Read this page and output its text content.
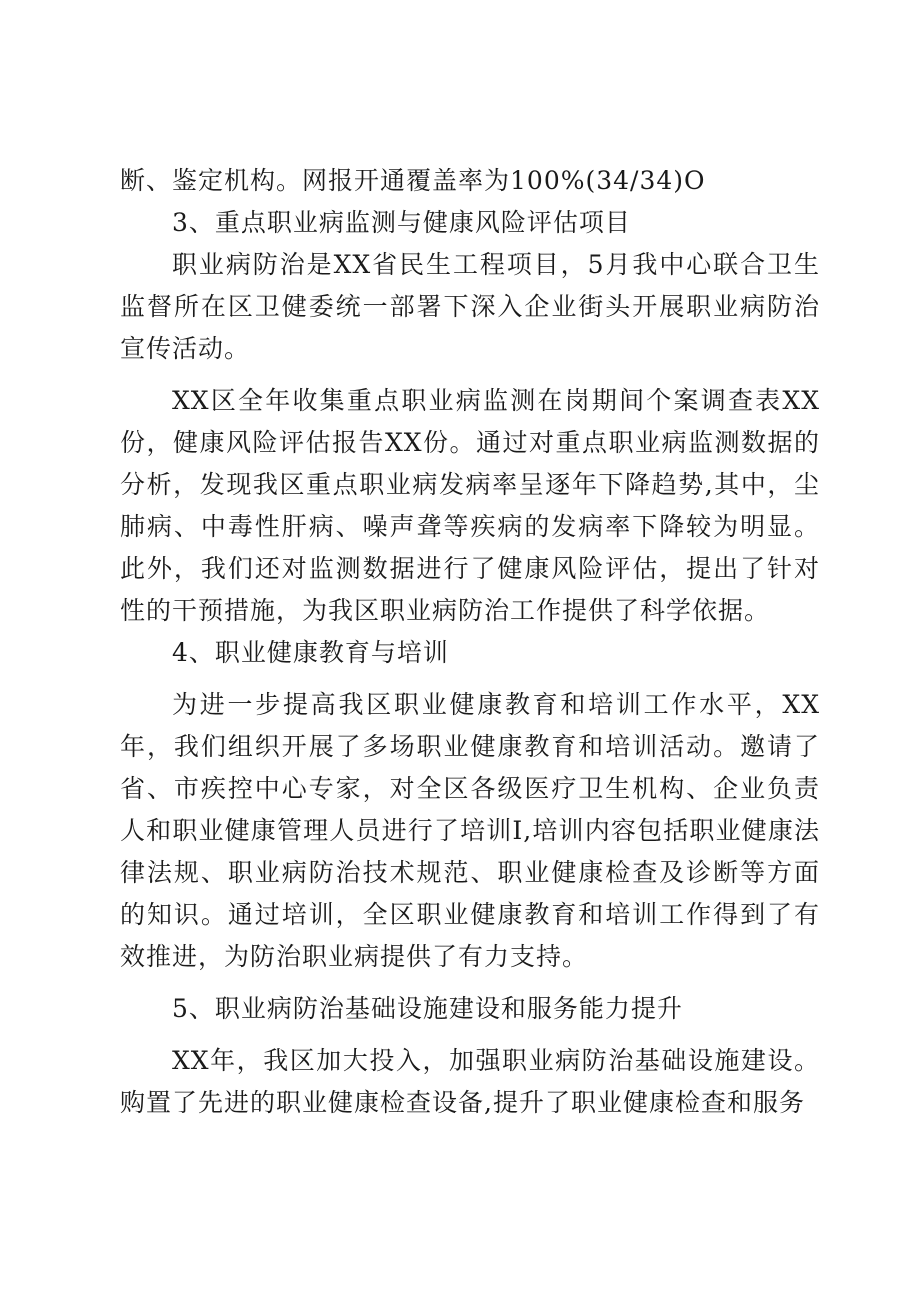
断、鉴定机构。网报开通覆盖率为100%(34/34)O

3、重点职业病监测与健康风险评估项目

职业病防治是XX省民生工程项目，5月我中心联合卫生监督所在区卫健委统一部署下深入企业街头开展职业病防治宣传活动。

XX区全年收集重点职业病监测在岗期间个案调查表XX份，健康风险评估报告XX份。通过对重点职业病监测数据的分析，发现我区重点职业病发病率呈逐年下降趋势,其中，尘肺病、中毒性肝病、噪声聋等疾病的发病率下降较为明显。此外，我们还对监测数据进行了健康风险评估，提出了针对性的干预措施，为我区职业病防治工作提供了科学依据。

4、职业健康教育与培训

为进一步提高我区职业健康教育和培训工作水平，XX年，我们组织开展了多场职业健康教育和培训活动。邀请了省、市疾控中心专家，对全区各级医疗卫生机构、企业负责人和职业健康管理人员进行了培训I,培训内容包括职业健康法律法规、职业病防治技术规范、职业健康检查及诊断等方面的知识。通过培训，全区职业健康教育和培训工作得到了有效推进，为防治职业病提供了有力支持。

5、职业病防治基础设施建设和服务能力提升

XX年，我区加大投入，加强职业病防治基础设施建设。购置了先进的职业健康检查设备,提升了职业健康检查和服务
